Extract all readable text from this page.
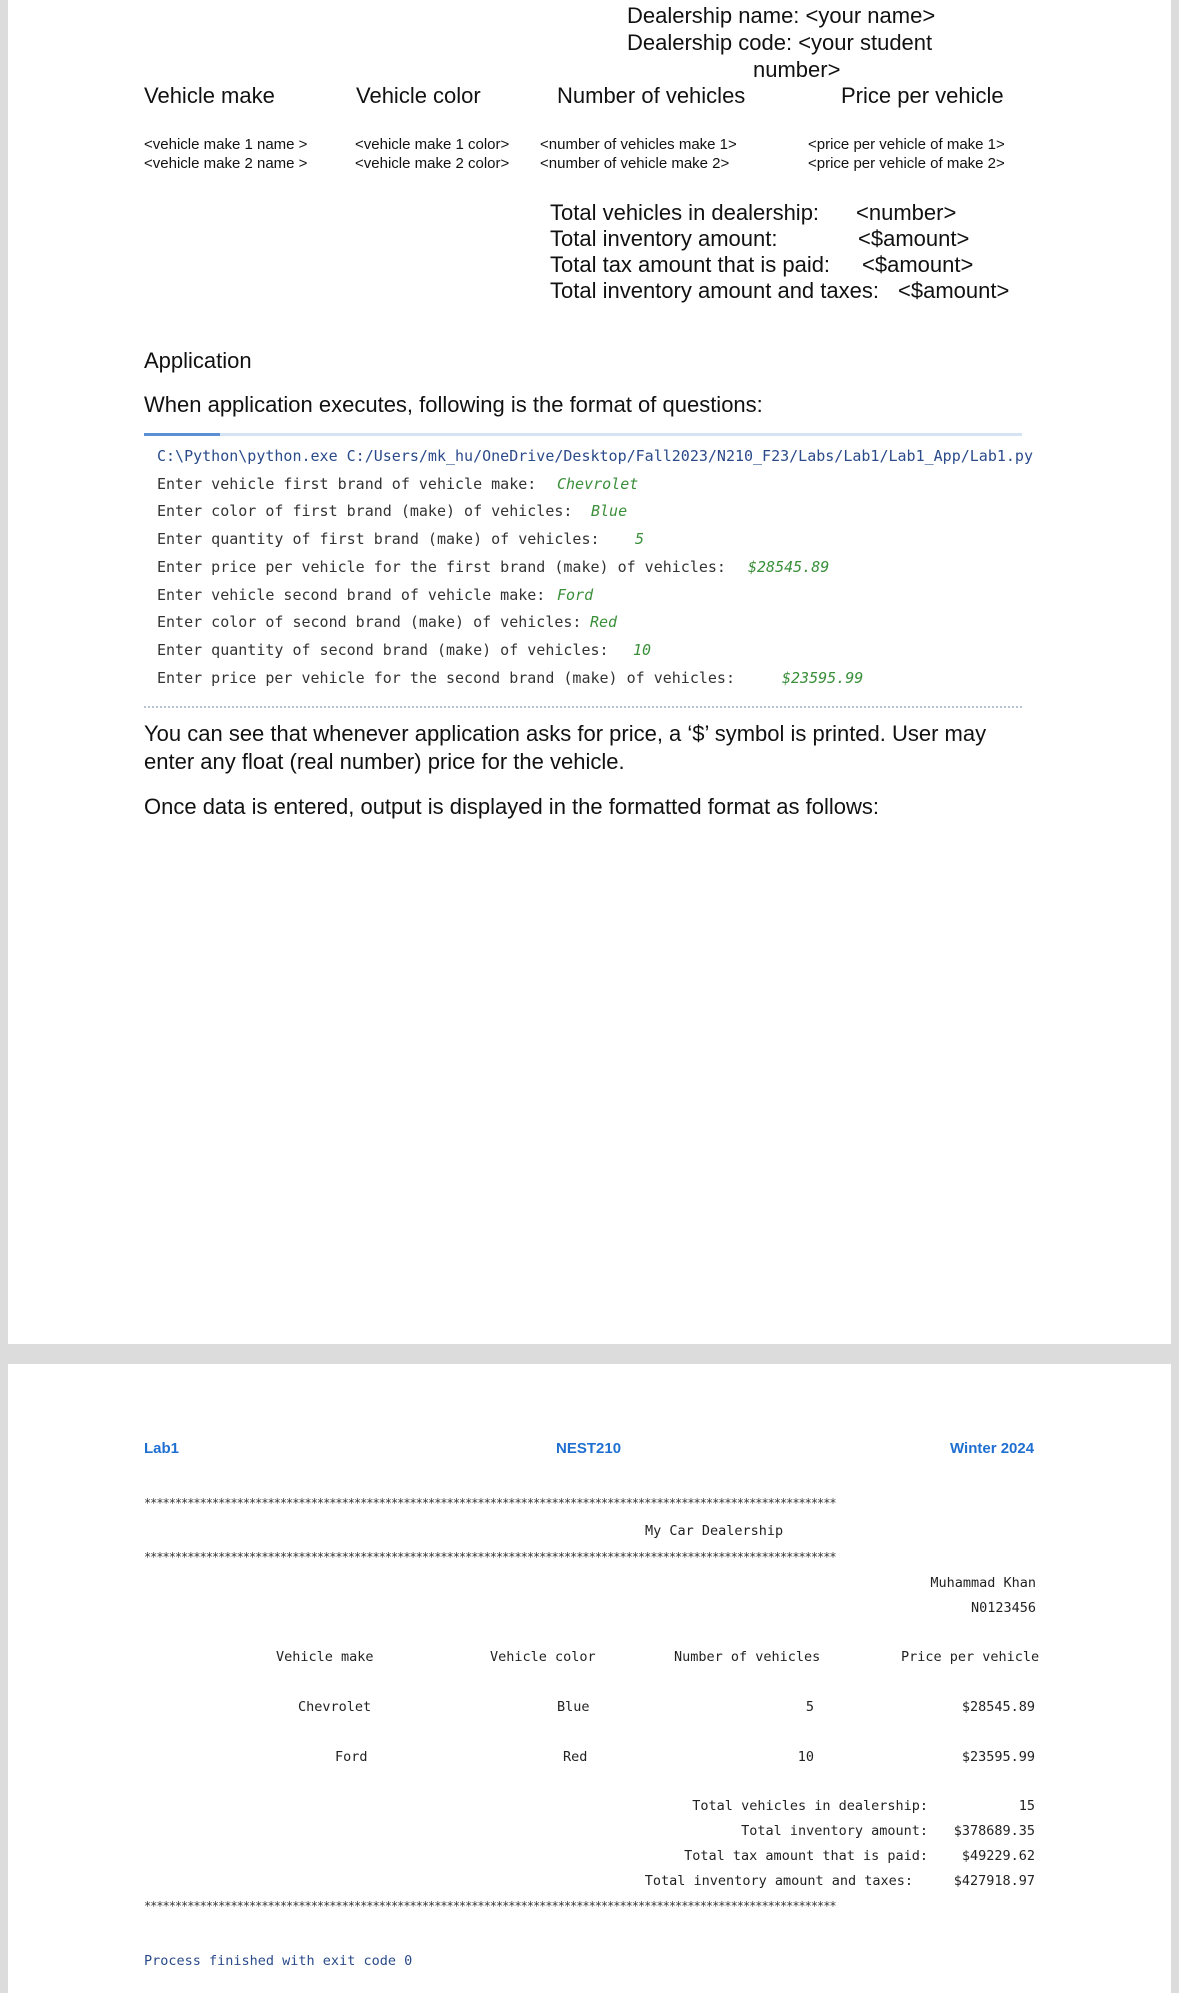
Dealership name: <your name>
Dealership code: <your student
number>
Vehicle make	Vehicle color	Number of vehicles	Price per vehicle
<vehicle make 1 name >	<vehicle make 1 color> <number of vehicles make 1>	<price per vehicle of make 1>
<vehicle make 2 name >	<vehicle make 2 color> <number of vehicle make 2>	<price per vehicle of make 2>
Total vehicles in dealership: <number>
Total inventory amount:	<$amount>
Total tax amount that is paid: <$amount>
Total inventory amount and taxes: <$amount>
Application
When application executes, following is the format of questions:
C:\Python\python.exe C:/Users/mk_hu/OneDrive/Desktop/Fall2023/N210_F23/Labs/Lab1/Lab1_App/Lab1.py
Enter vehicle first brand of vehicle make: Chevrolet
Enter color of first brand (make) of vehicles: Blue
Enter quantity of first brand (make) of vehicles: 5
Enter price per vehicle for the first brand (make) of vehicles: $28545.89
Enter vehicle second brand of vehicle make: Ford
Enter color of second brand (make) of vehicles: Red
Enter quantity of second brand (make) of vehicles: 10
Enter price per vehicle for the second brand (make) of vehicles:	$23595.99
You can see that whenever application asks for price, a ‘$’ symbol is printed. User may
enter any float (real number) price for the vehicle.
Once data is entered, output is displayed in the formatted format as follows:
Lab1	NEST210	Winter 2024
****************************************************************************************************************
My Car Dealership
****************************************************************************************************************
Muhammad Khan
N0123456
Vehicle make	Vehicle color	Number of vehicles	Price per vehicle
Chevrolet	Blue	5	$28545.89
Ford	Red	10	$23595.99
Total vehicles in dealership:	15
Total inventory amount: $378689.35
Total tax amount that is paid:	$49229.62
Total inventory amount and taxes:	$427918.97
****************************************************************************************************************
Process finished with exit code 0
